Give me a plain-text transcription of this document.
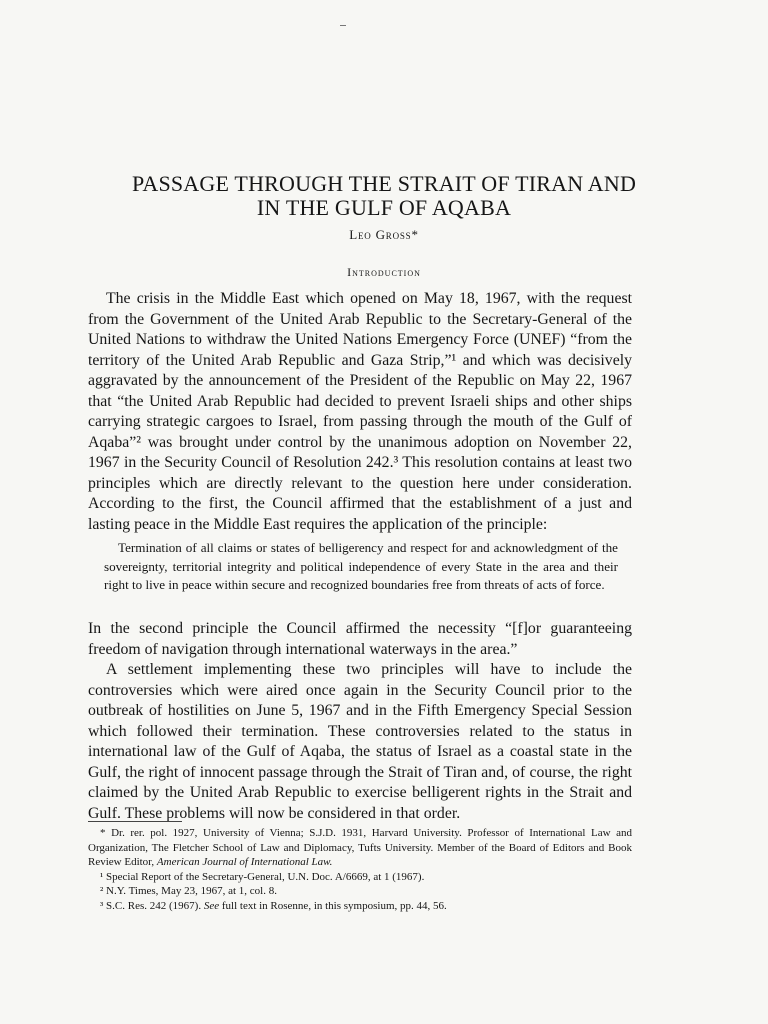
PASSAGE THROUGH THE STRAIT OF TIRAN AND
IN THE GULF OF AQABA
Leo Gross*
Introduction

The crisis in the Middle East which opened on May 18, 1967, with the request from the Government of the United Arab Republic to the Secretary-General of the United Nations to withdraw the United Nations Emergency Force (UNEF) “from the territory of the United Arab Republic and Gaza Strip,”¹ and which was decisively aggravated by the announcement of the President of the Republic on May 22, 1967 that “the United Arab Republic had decided to prevent Israeli ships and other ships carrying strategic cargoes to Israel, from passing through the mouth of the Gulf of Aqaba”² was brought under control by the unanimous adoption on November 22, 1967 in the Security Council of Resolution 242.³ This resolution contains at least two principles which are directly relevant to the question here under consideration. According to the first, the Council affirmed that the establishment of a just and lasting peace in the Middle East requires the application of the principle:

Termination of all claims or states of belligerency and respect for and acknowledgment of the sovereignty, territorial integrity and political independence of every State in the area and their right to live in peace within secure and recognized boundaries free from threats of acts of force.

In the second principle the Council affirmed the necessity “[f]or guaranteeing freedom of navigation through international waterways in the area.”

A settlement implementing these two principles will have to include the controversies which were aired once again in the Security Council prior to the outbreak of hostilities on June 5, 1967 and in the Fifth Emergency Special Session which followed their termination. These controversies related to the status in international law of the Gulf of Aqaba, the status of Israel as a coastal state in the Gulf, the right of innocent passage through the Strait of Tiran and, of course, the right claimed by the United Arab Republic to exercise belligerent rights in the Strait and Gulf. These problems will now be considered in that order.

* Dr. rer. pol. 1927, University of Vienna; S.J.D. 1931, Harvard University. Professor of International Law and Organization, The Fletcher School of Law and Diplomacy, Tufts University. Member of the Board of Editors and Book Review Editor, American Journal of International Law.
¹ Special Report of the Secretary-General, U.N. Doc. A/6669, at 1 (1967).
² N.Y. Times, May 23, 1967, at 1, col. 8.
³ S.C. Res. 242 (1967). See full text in Rosenne, in this symposium, pp. 44, 56.
